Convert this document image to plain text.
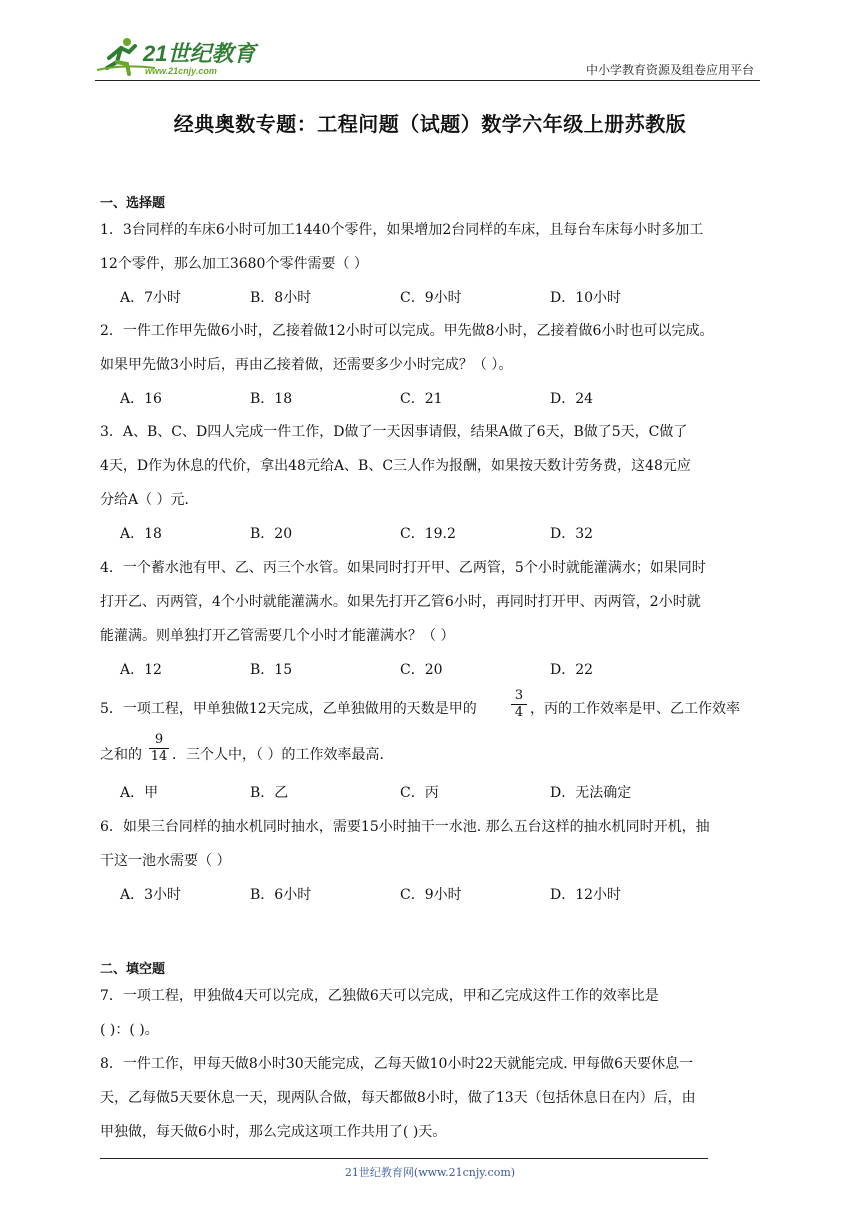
21世纪教育
www.21cnjy.com	中小学教育资源及组卷应用平台
经典奥数专题：工程问题（试题）数学六年级上册苏教版
一、选择题
1．3台同样的车床6小时可加工1440个零件，如果增加2台同样的车床，且每台车床每小时多加工
12个零件，那么加工3680个零件需要（ ）
A．7小时	B．8小时	C．9小时	D．10小时
2．一件工作甲先做6小时，乙接着做12小时可以完成。甲先做8小时，乙接着做6小时也可以完成。
如果甲先做3小时后，再由乙接着做，还需要多少小时完成？（ ）。
A．16	B．18	C．21	D．24
3．A、B、C、D四人完成一件工作，D做了一天因事请假，结果A做了6天，B做了5天，C做了
4天，D作为休息的代价，拿出48元给A、B、C三人作为报酬，如果按天数计劳务费，这48元应
分给A（ ）元．
A．18	B．20	C．19.2	D．32
4．一个蓄水池有甲、乙、丙三个水管。如果同时打开甲、乙两管，5个小时就能灌满水；如果同时
打开乙、丙两管，4个小时就能灌满水。如果先打开乙管6小时，再同时打开甲、丙两管，2小时就
能灌满。则单独打开乙管需要几个小时才能灌满水？（ ）
A．12	B．15	C．20	D．22
5．一项工程，甲单独做12天完成，乙单独做用的天数是甲的
3
4 ，丙的工作效率是甲、乙工作效率
之和的
9
14 ．三个人中，（ ）的工作效率最高．
A．甲	B．乙	C．丙	D．无法确定
6．如果三台同样的抽水机同时抽水，需要15小时抽干一水池. 那么五台这样的抽水机同时开机，抽
干这一池水需要（ ）
A．3小时	B．6小时	C．9小时	D．12小时
二、填空题
7．一项工程，甲独做4天可以完成，乙独做6天可以完成，甲和乙完成这件工作的效率比是
( )：( )。
8．一件工作，甲每天做8小时30天能完成，乙每天做10小时22天就能完成. 甲每做6天要休息一
天，乙每做5天要休息一天，现两队合做，每天都做8小时，做了13天（包括休息日在内）后，由
甲独做，每天做6小时，那么完成这项工作共用了( )天。
21世纪教育网(www.21cnjy.com)
